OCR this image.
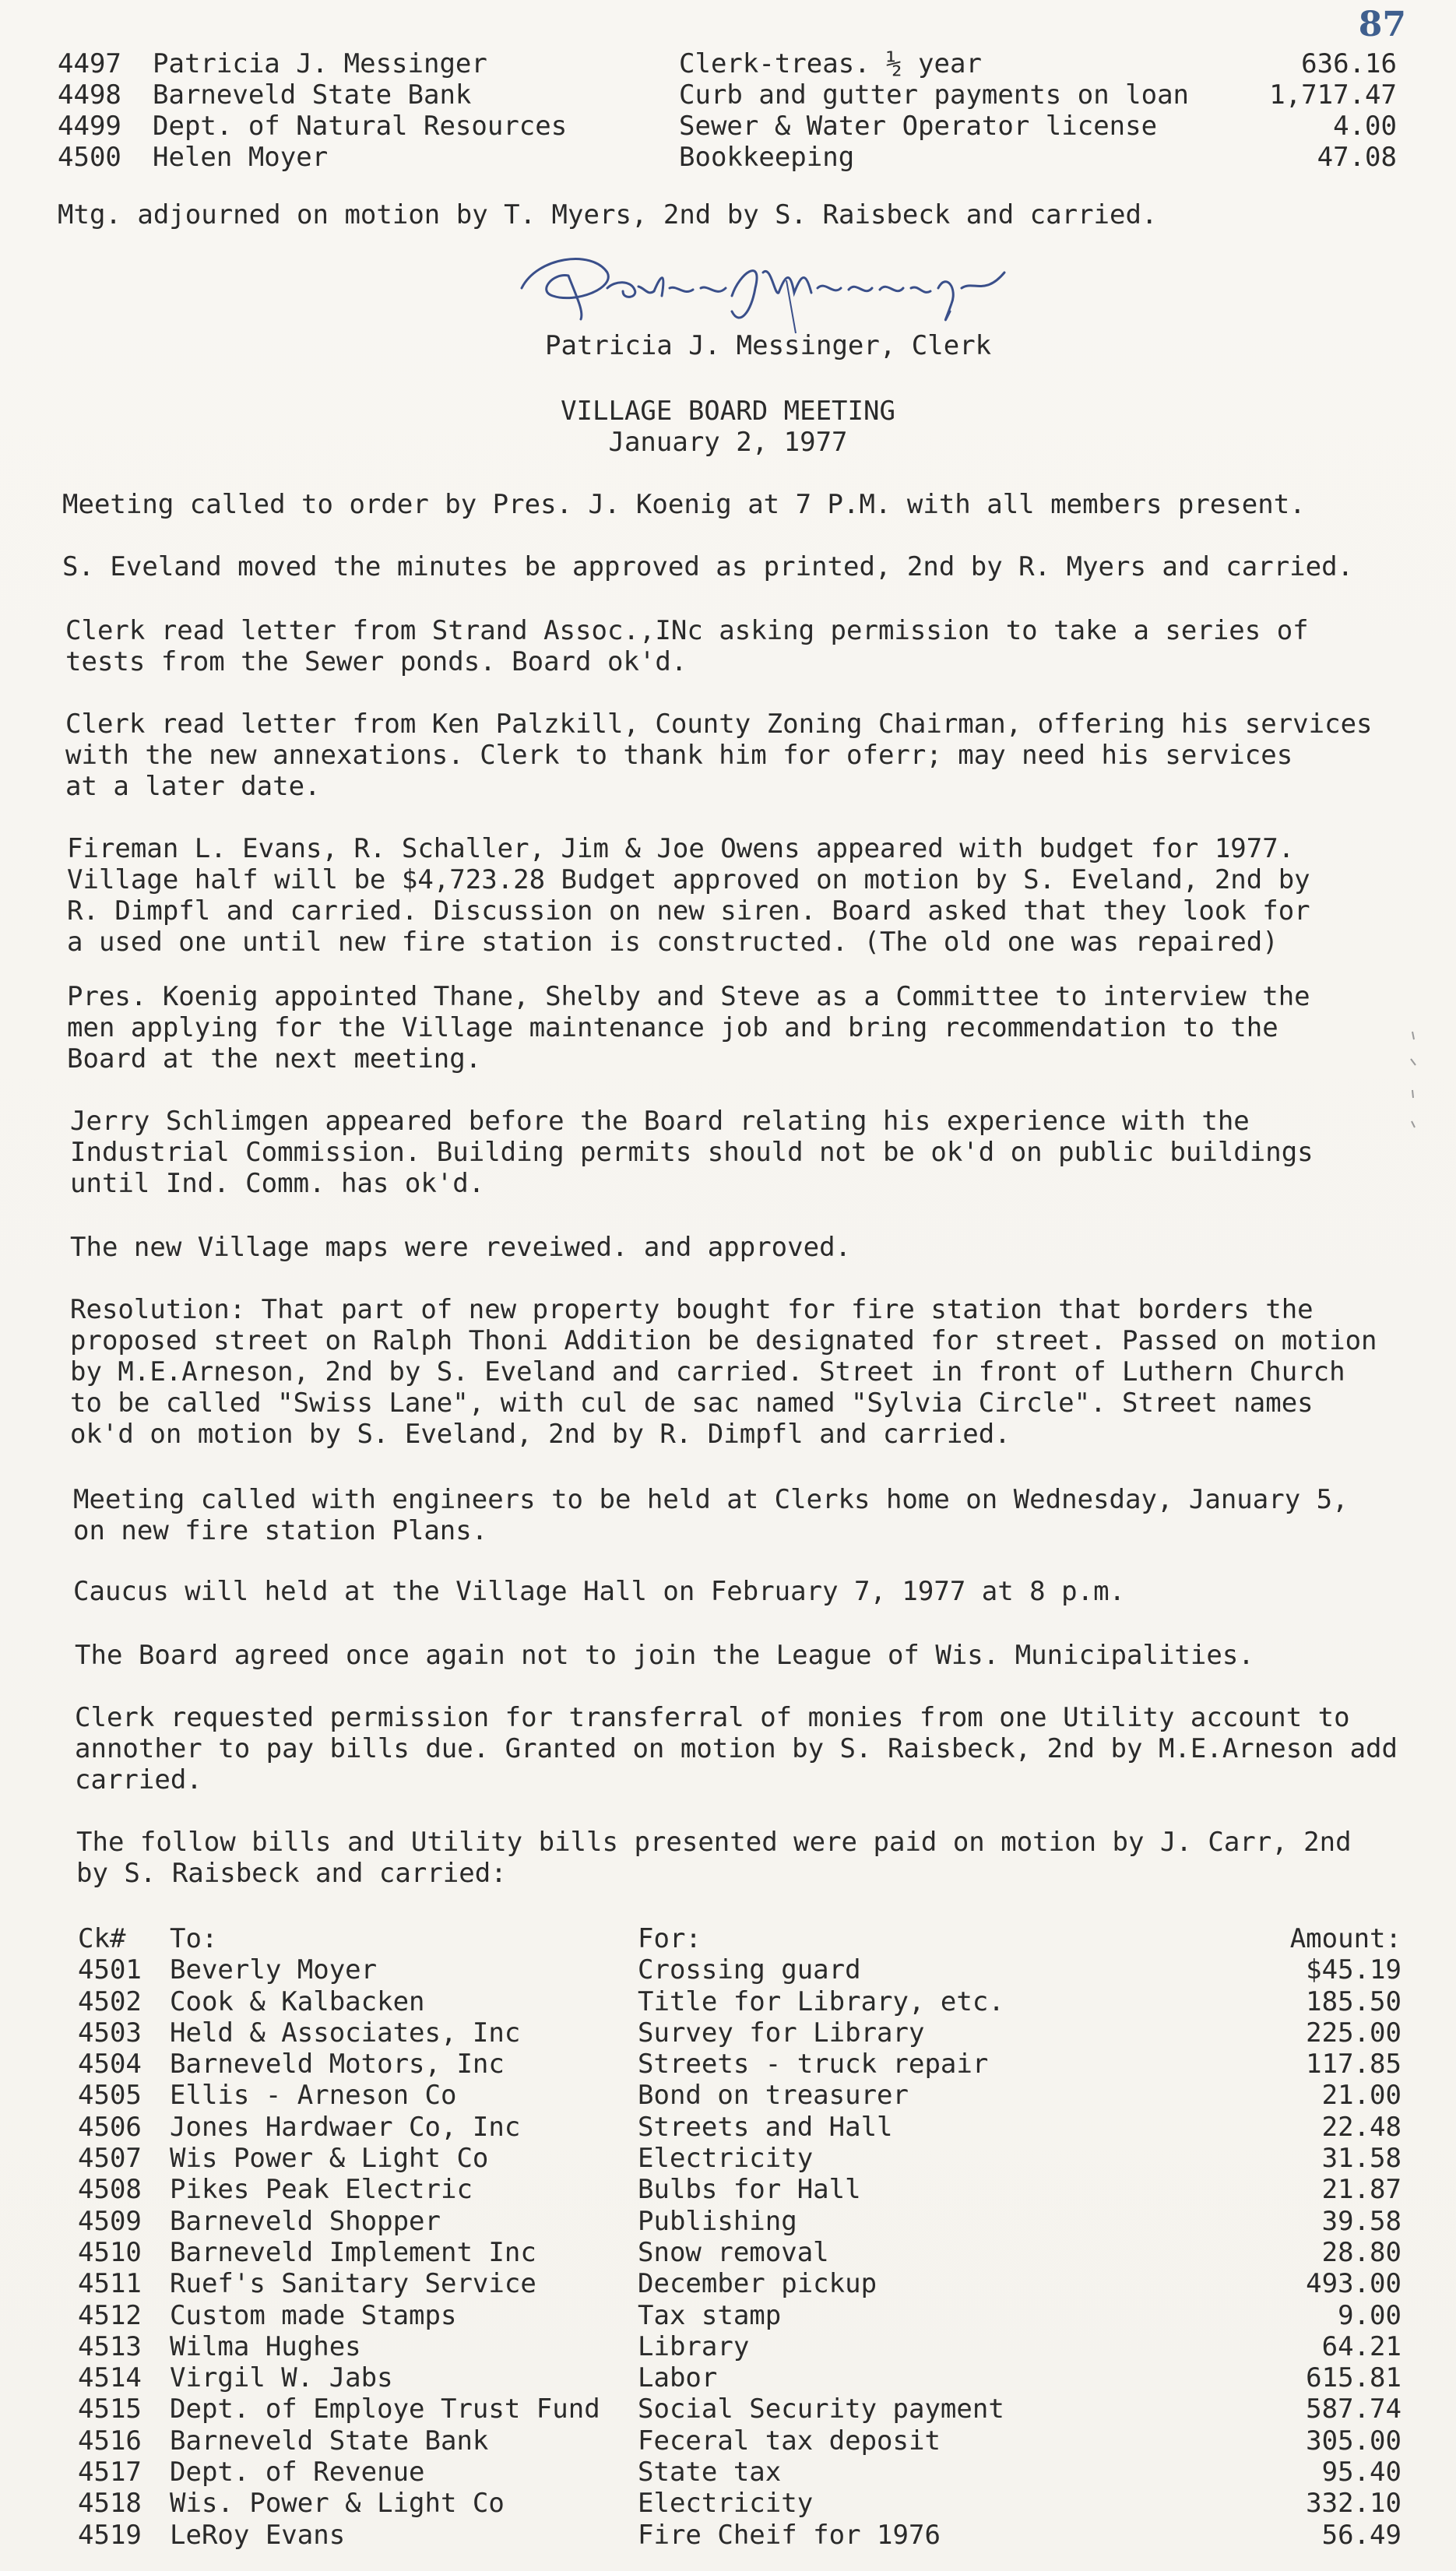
87
4497	Patricia J. Messinger	Clerk-treas. ½ year	636.16
4498	Barneveld State Bank	Curb and gutter payments on loan	1,717.47
4499	Dept. of Natural Resources	Sewer & Water Operator license	4.00
4500	Helen Moyer	Bookkeeping	47.08
Mtg. adjourned on motion by T. Myers, 2nd by S. Raisbeck and carried.
Patricia J. Messinger, Clerk
VILLAGE BOARD MEETING
January 2, 1977
Meeting called to order by Pres. J. Koenig at 7 P.M. with all members present.
S. Eveland moved the minutes be approved as printed, 2nd by R. Myers and carried.
Clerk read letter from Strand Assoc.,INc asking permission to take a series of
tests from the Sewer ponds. Board ok'd.
Clerk read letter from Ken Palzkill, County Zoning Chairman, offering his services
with the new annexations. Clerk to thank him for oferr; may need his services
at a later date.
Fireman L. Evans, R. Schaller, Jim & Joe Owens appeared with budget for 1977.
Village half will be $4,723.28 Budget approved on motion by S. Eveland, 2nd by
R. Dimpfl and carried. Discussion on new siren. Board asked that they look for
a used one until new fire station is constructed. (The old one was repaired)
Pres. Koenig appointed Thane, Shelby and Steve as a Committee to interview the
men applying for the Village maintenance job and bring recommendation to the
Board at the next meeting.
Jerry Schlimgen appeared before the Board relating his experience with the
Industrial Commission. Building permits should not be ok'd on public buildings
until Ind. Comm. has ok'd.
The new Village maps were reveiwed. and approved.
Resolution: That part of new property bought for fire station that borders the
proposed street on Ralph Thoni Addition be designated for street. Passed on motion
by M.E.Arneson, 2nd by S. Eveland and carried. Street in front of Luthern Church
to be called "Swiss Lane", with cul de sac named "Sylvia Circle". Street names
ok'd on motion by S. Eveland, 2nd by R. Dimpfl and carried.
Meeting called with engineers to be held at Clerks home on Wednesday, January 5,
on new fire station Plans.
Caucus will held at the Village Hall on February 7, 1977 at 8 p.m.
The Board agreed once again not to join the League of Wis. Municipalities.
Clerk requested permission for transferral of monies from one Utility account to
annother to pay bills due. Granted on motion by S. Raisbeck, 2nd by M.E.Arneson add
carried.
The follow bills and Utility bills presented were paid on motion by J. Carr, 2nd
by S. Raisbeck and carried:
Ck#	To:	For:	Amount:
4501	Beverly Moyer	Crossing guard	$45.19
4502	Cook & Kalbacken	Title for Library, etc.	185.50
4503	Held & Associates, Inc	Survey for Library	225.00
4504	Barneveld Motors, Inc	Streets - truck repair	117.85
4505	Ellis - Arneson Co	Bond on treasurer	21.00
4506	Jones Hardwaer Co, Inc	Streets and Hall	22.48
4507	Wis Power & Light Co	Electricity	31.58
4508	Pikes Peak Electric	Bulbs for Hall	21.87
4509	Barneveld Shopper	Publishing	39.58
4510	Barneveld Implement Inc	Snow removal	28.80
4511	Ruef's Sanitary Service	December pickup	493.00
4512	Custom made Stamps	Tax stamp	9.00
4513	Wilma Hughes	Library	64.21
4514	Virgil W. Jabs	Labor	615.81
4515	Dept. of Employe Trust Fund	Social Security payment	587.74
4516	Barneveld State Bank	Feceral tax deposit	305.00
4517	Dept. of Revenue	State tax	95.40
4518	Wis. Power & Light Co	Electricity	332.10
4519	LeRoy Evans	Fire Cheif for 1976	56.49
